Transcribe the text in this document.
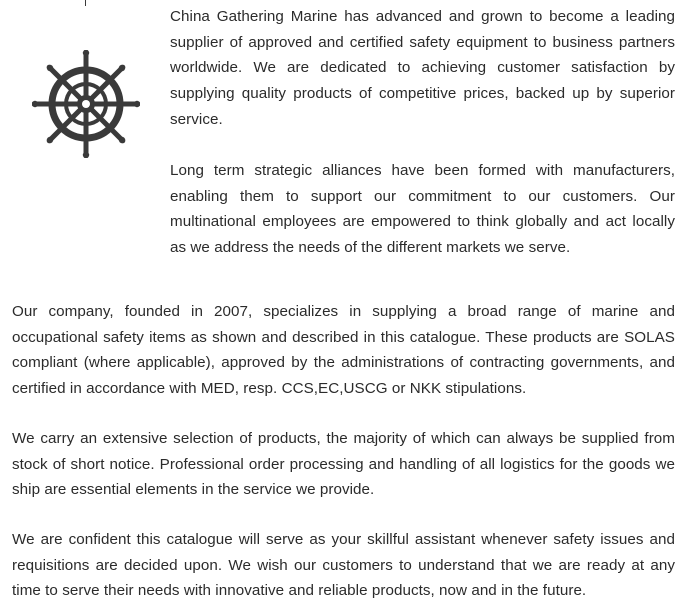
China Gathering Marine has advanced and grown to become a leading supplier of approved and certified safety equipment to business partners worldwide. We are dedicated to achieving customer satisfaction by supplying quality products of competitive prices, backed up by superior service.

Long term strategic alliances have been formed with manufacturers, enabling them to support our commitment to our customers. Our multinational employees are empowered to think globally and act locally as we address the needs of the different markets we serve.

Our company, founded in 2007, specializes in supplying a broad range of marine and occupational safety items as shown and described in this catalogue. These products are SOLAS compliant (where applicable), approved by the administrations of contracting governments, and certified in accordance with MED, resp. CCS,EC,USCG or NKK stipulations.

We carry an extensive selection of products, the majority of which can always be supplied from stock of short notice. Professional order processing and handling of all logistics for the goods we ship are essential elements in the service we provide.

We are confident this catalogue will serve as your skillful assistant whenever safety issues and requisitions are decided upon. We wish our customers to understand that we are ready at any time to serve their needs with innovative and reliable products, now and in the future.
